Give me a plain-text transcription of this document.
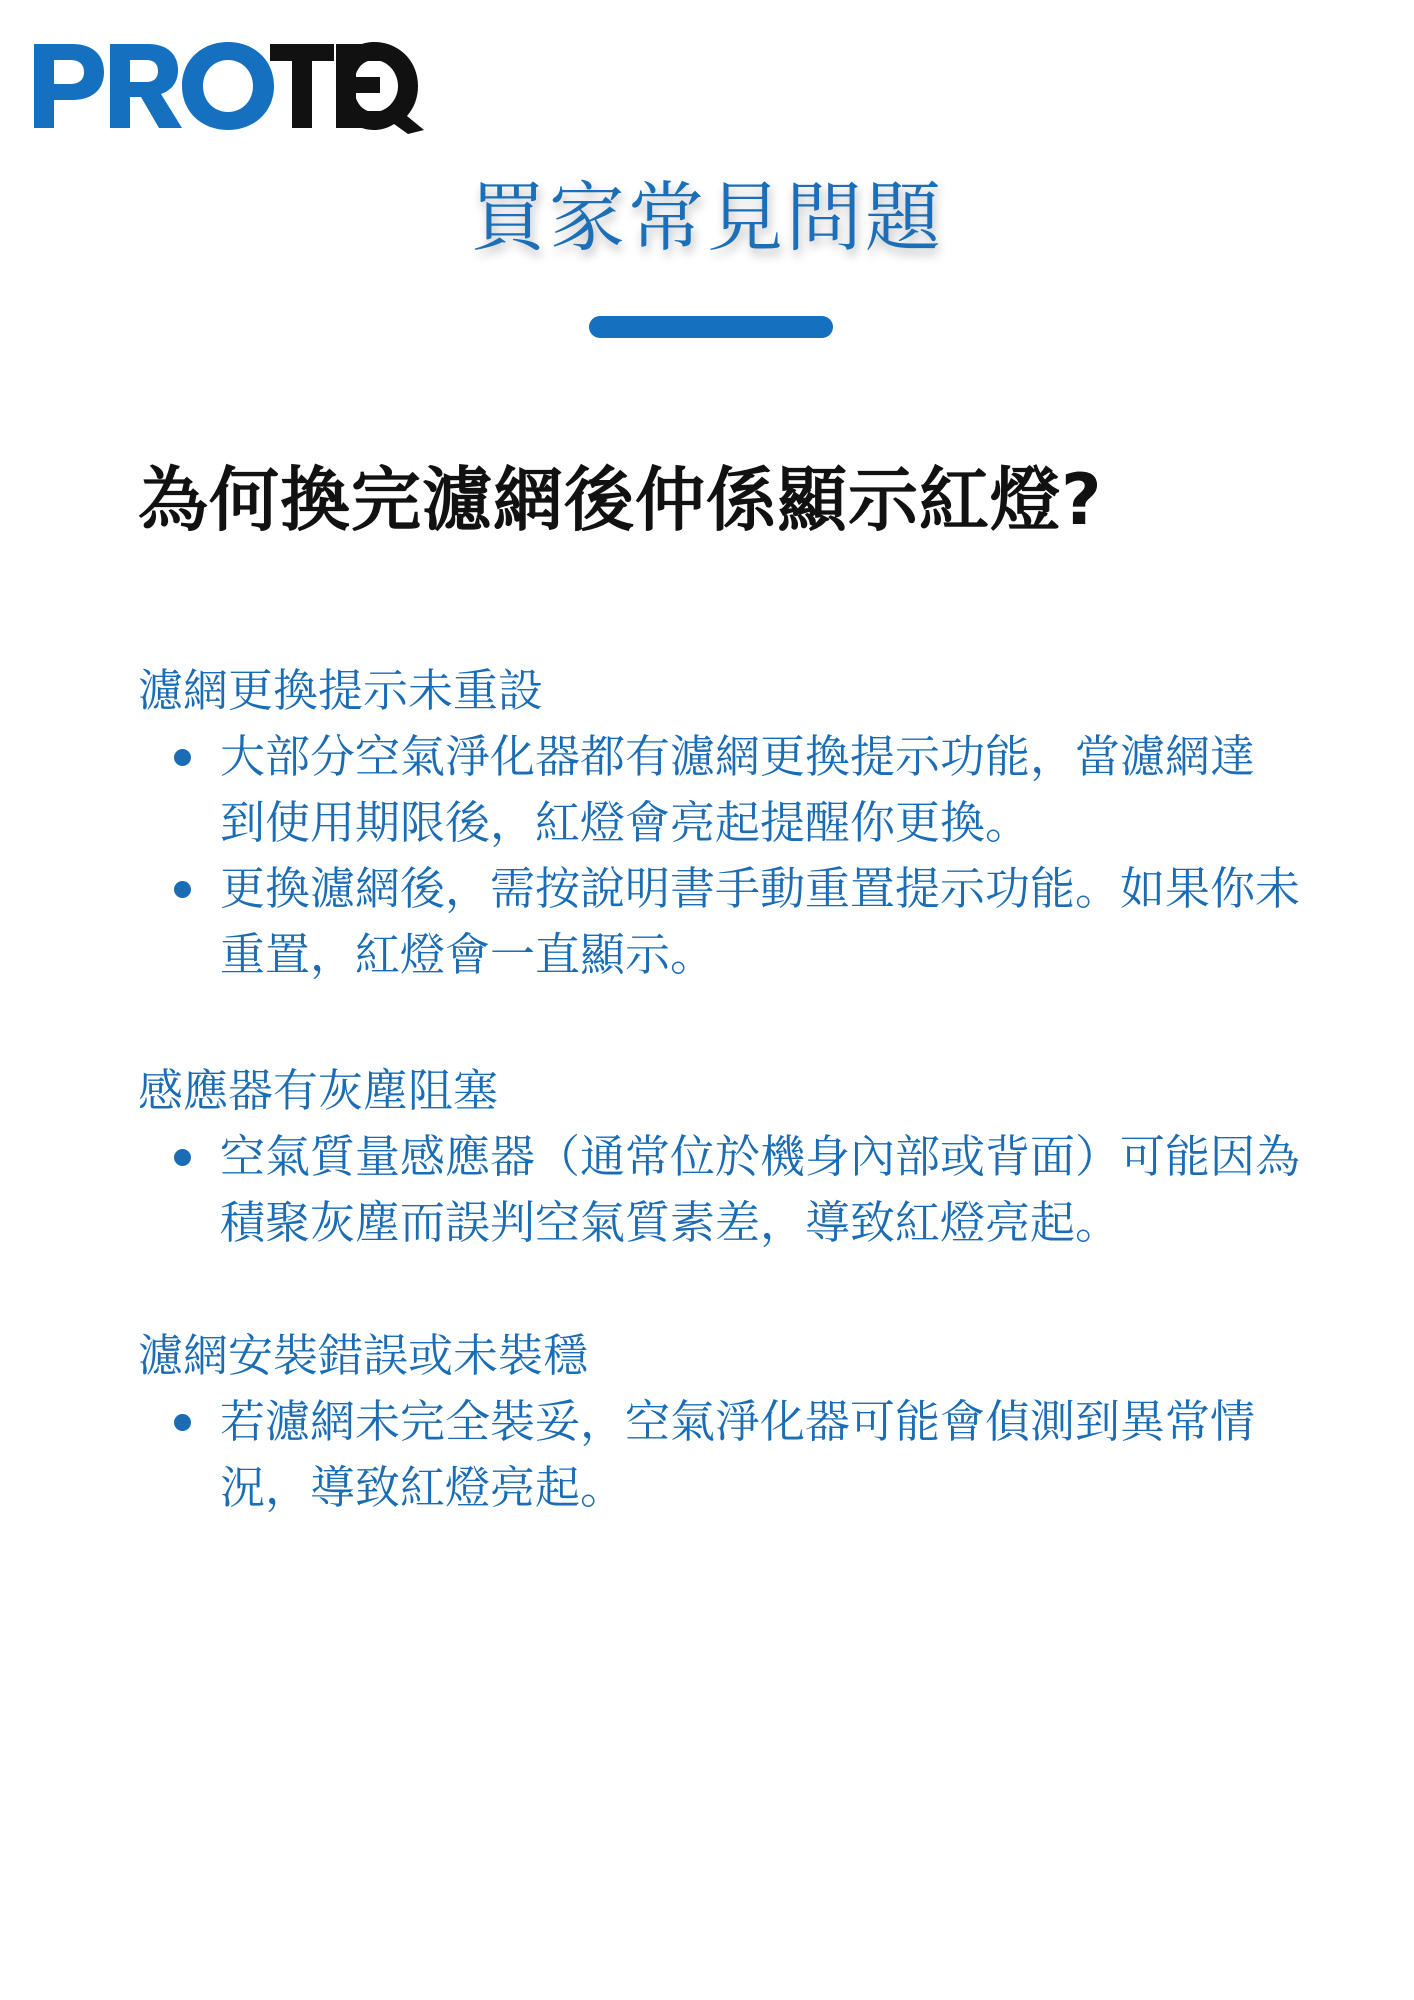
買家常見問題
為何換完濾網後仲係顯示紅燈?
濾網更換提示未重設
大部分空氣淨化器都有濾網更換提示功能，當濾網達
到使用期限後，紅燈會亮起提醒你更換。
更換濾網後，需按說明書手動重置提示功能。如果你未
重置，紅燈會一直顯示。
感應器有灰塵阻塞
空氣質量感應器（通常位於機身內部或背面）可能因為
積聚灰塵而誤判空氣質素差，導致紅燈亮起。
濾網安裝錯誤或未裝穩
若濾網未完全裝妥，空氣淨化器可能會偵測到異常情
況，導致紅燈亮起。
